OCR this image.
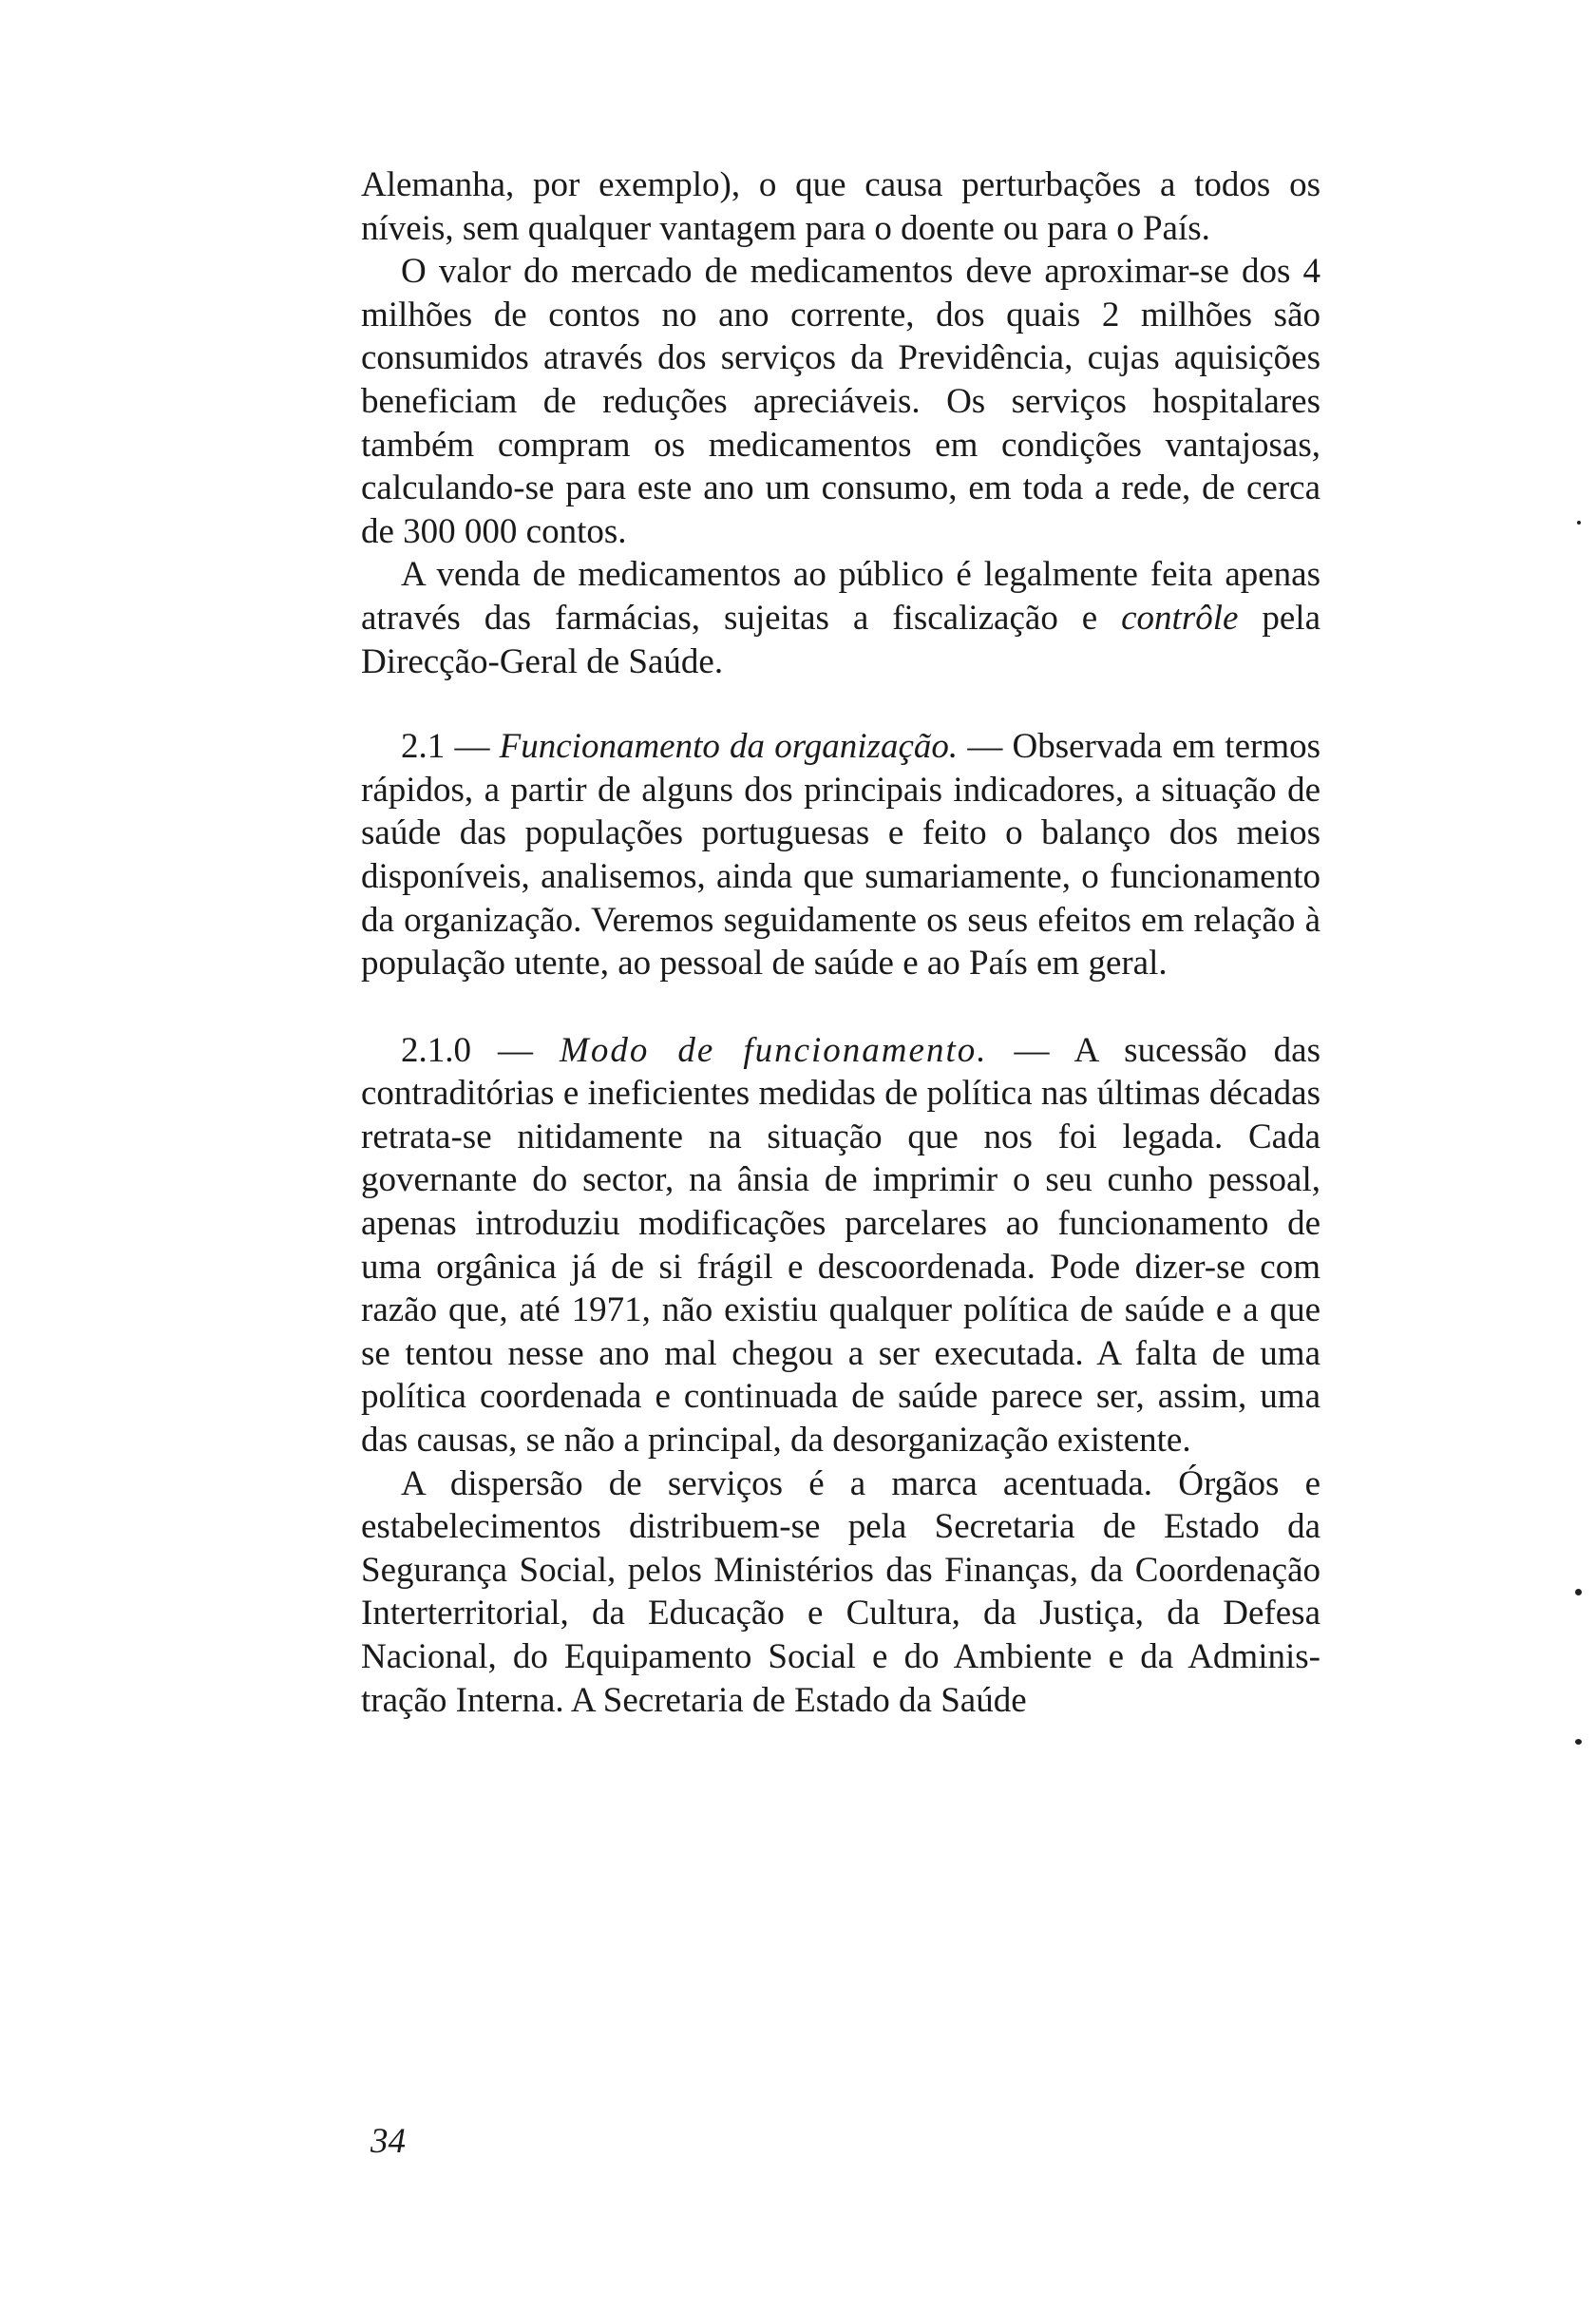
Alemanha, por exemplo), o que causa perturbações a todos os níveis, sem qualquer vantagem para o doente ou para o País.

O valor do mercado de medicamentos deve aproximar-se dos 4 milhões de contos no ano corrente, dos quais 2 milhões são consumidos através dos serviços da Previdência, cujas aquisições beneficiam de reduções apreciáveis. Os serviços hospitalares também compram os medicamentos em condições vantajosas, calculando-se para este ano um consumo, em toda a rede, de cerca de 300 000 contos.

A venda de medicamentos ao público é legalmente feita apenas através das farmácias, sujeitas a fiscalização e contrôle pela Direcção-Geral de Saúde.

2.1 — Funcionamento da organização. — Observada em termos rápidos, a partir de alguns dos principais indicadores, a situação de saúde das populações portuguesas e feito o balanço dos meios disponíveis, analisemos, ainda que sumariamente, o funcionamento da organização. Veremos seguidamente os seus efeitos em relação à população utente, ao pessoal de saúde e ao País em geral.

2.1.0 — Modo de funcionamento. — A sucessão das contraditórias e ineficientes medidas de política nas últimas décadas retrata-se nitidamente na situação que nos foi legada. Cada governante do sector, na ânsia de imprimir o seu cunho pessoal, apenas introduziu modificações parcelares ao funcionamento de uma orgânica já de si frágil e descoordenada. Pode dizer-se com razão que, até 1971, não existiu qualquer política de saúde e a que se tentou nesse ano mal chegou a ser executada. A falta de uma política coordenada e continuada de saúde parece ser, assim, uma das causas, se não a principal, da desorganização existente.

A dispersão de serviços é a marca acentuada. Órgãos e estabelecimentos distribuem-se pela Secretaria de Estado da Segurança Social, pelos Ministérios das Finanças, da Coordenação Interterritorial, da Educação e Cultura, da Justiça, da Defesa Nacional, do Equipamento Social e do Ambiente e da Administração Interna. A Secretaria de Estado da Saúde

34
